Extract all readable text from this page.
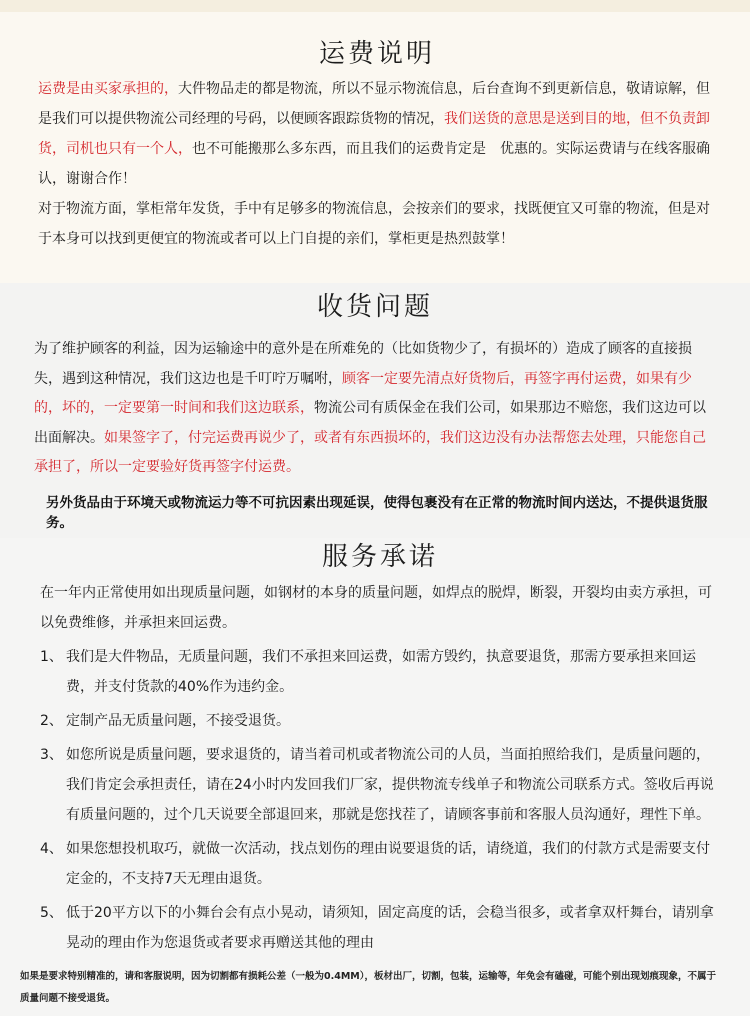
运费说明
运费是由买家承担的，大件物品走的都是物流，所以不显示物流信息，后台查询不到更新信息，敬请谅解，但是我们可以提供物流公司经理的号码，以便顾客跟踪货物的情况，我们送货的意思是送到目的地，但不负责卸货，司机也只有一个人，也不可能搬那么多东西，而且我们的运费肯定是　优惠的。实际运费请与在线客服确认，谢谢合作！
对于物流方面，掌柜常年发货，手中有足够多的物流信息，会按亲们的要求，找既便宜又可靠的物流，但是对于本身可以找到更便宜的物流或者可以上门自提的亲们，掌柜更是热烈鼓掌！
收货问题
为了维护顾客的利益，因为运输途中的意外是在所难免的（比如货物少了，有损坏的）造成了顾客的直接损失，遇到这种情况，我们这边也是千叮咛万嘱咐，顾客一定要先清点好货物后，再签字再付运费，如果有少的，坏的，一定要第一时间和我们这边联系，物流公司有质保金在我们公司，如果那边不赔您，我们这边可以出面解决。如果签字了，付完运费再说少了，或者有东西损坏的，我们这边没有办法帮您去处理，只能您自己承担了，所以一定要验好货再签字付运费。
另外货品由于环境天或物流运力等不可抗因素出现延误，使得包裹没有在正常的物流时间内送达，不提供退货服务。
服务承诺
在一年内正常使用如出现质量问题，如钢材的本身的质量问题，如焊点的脱焊，断裂，开裂均由卖方承担，可以免费维修，并承担来回运费。
1、 我们是大件物品，无质量问题，我们不承担来回运费，如需方毁约，执意要退货，那需方要承担来回运费，并支付货款的40%作为违约金。
2、 定制产品无质量问题，不接受退货。
3、 如您所说是质量问题，要求退货的，请当着司机或者物流公司的人员，当面拍照给我们，是质量问题的，我们肯定会承担责任，请在24小时内发回我们厂家，提供物流专线单子和物流公司联系方式。签收后再说有质量问题的，过个几天说要全部退回来，那就是您找茬了，请顾客事前和客服人员沟通好，理性下单。
4、 如果您想投机取巧，就做一次活动，找点划伤的理由说要退货的话，请绕道，我们的付款方式是需要支付定金的，不支持7天无理由退货。
5、 低于20平方以下的小舞台会有点小晃动，请须知，固定高度的话，会稳当很多，或者拿双杆舞台，请别拿晃动的理由作为您退货或者要求再赠送其他的理由
如果是要求特别精准的，请和客服说明，因为切割都有损耗公差（一般为0.4MM），板材出厂，切割，包装，运输等，年免会有磕碰，可能个别出现划痕现象，不属于质量问题不接受退货。
